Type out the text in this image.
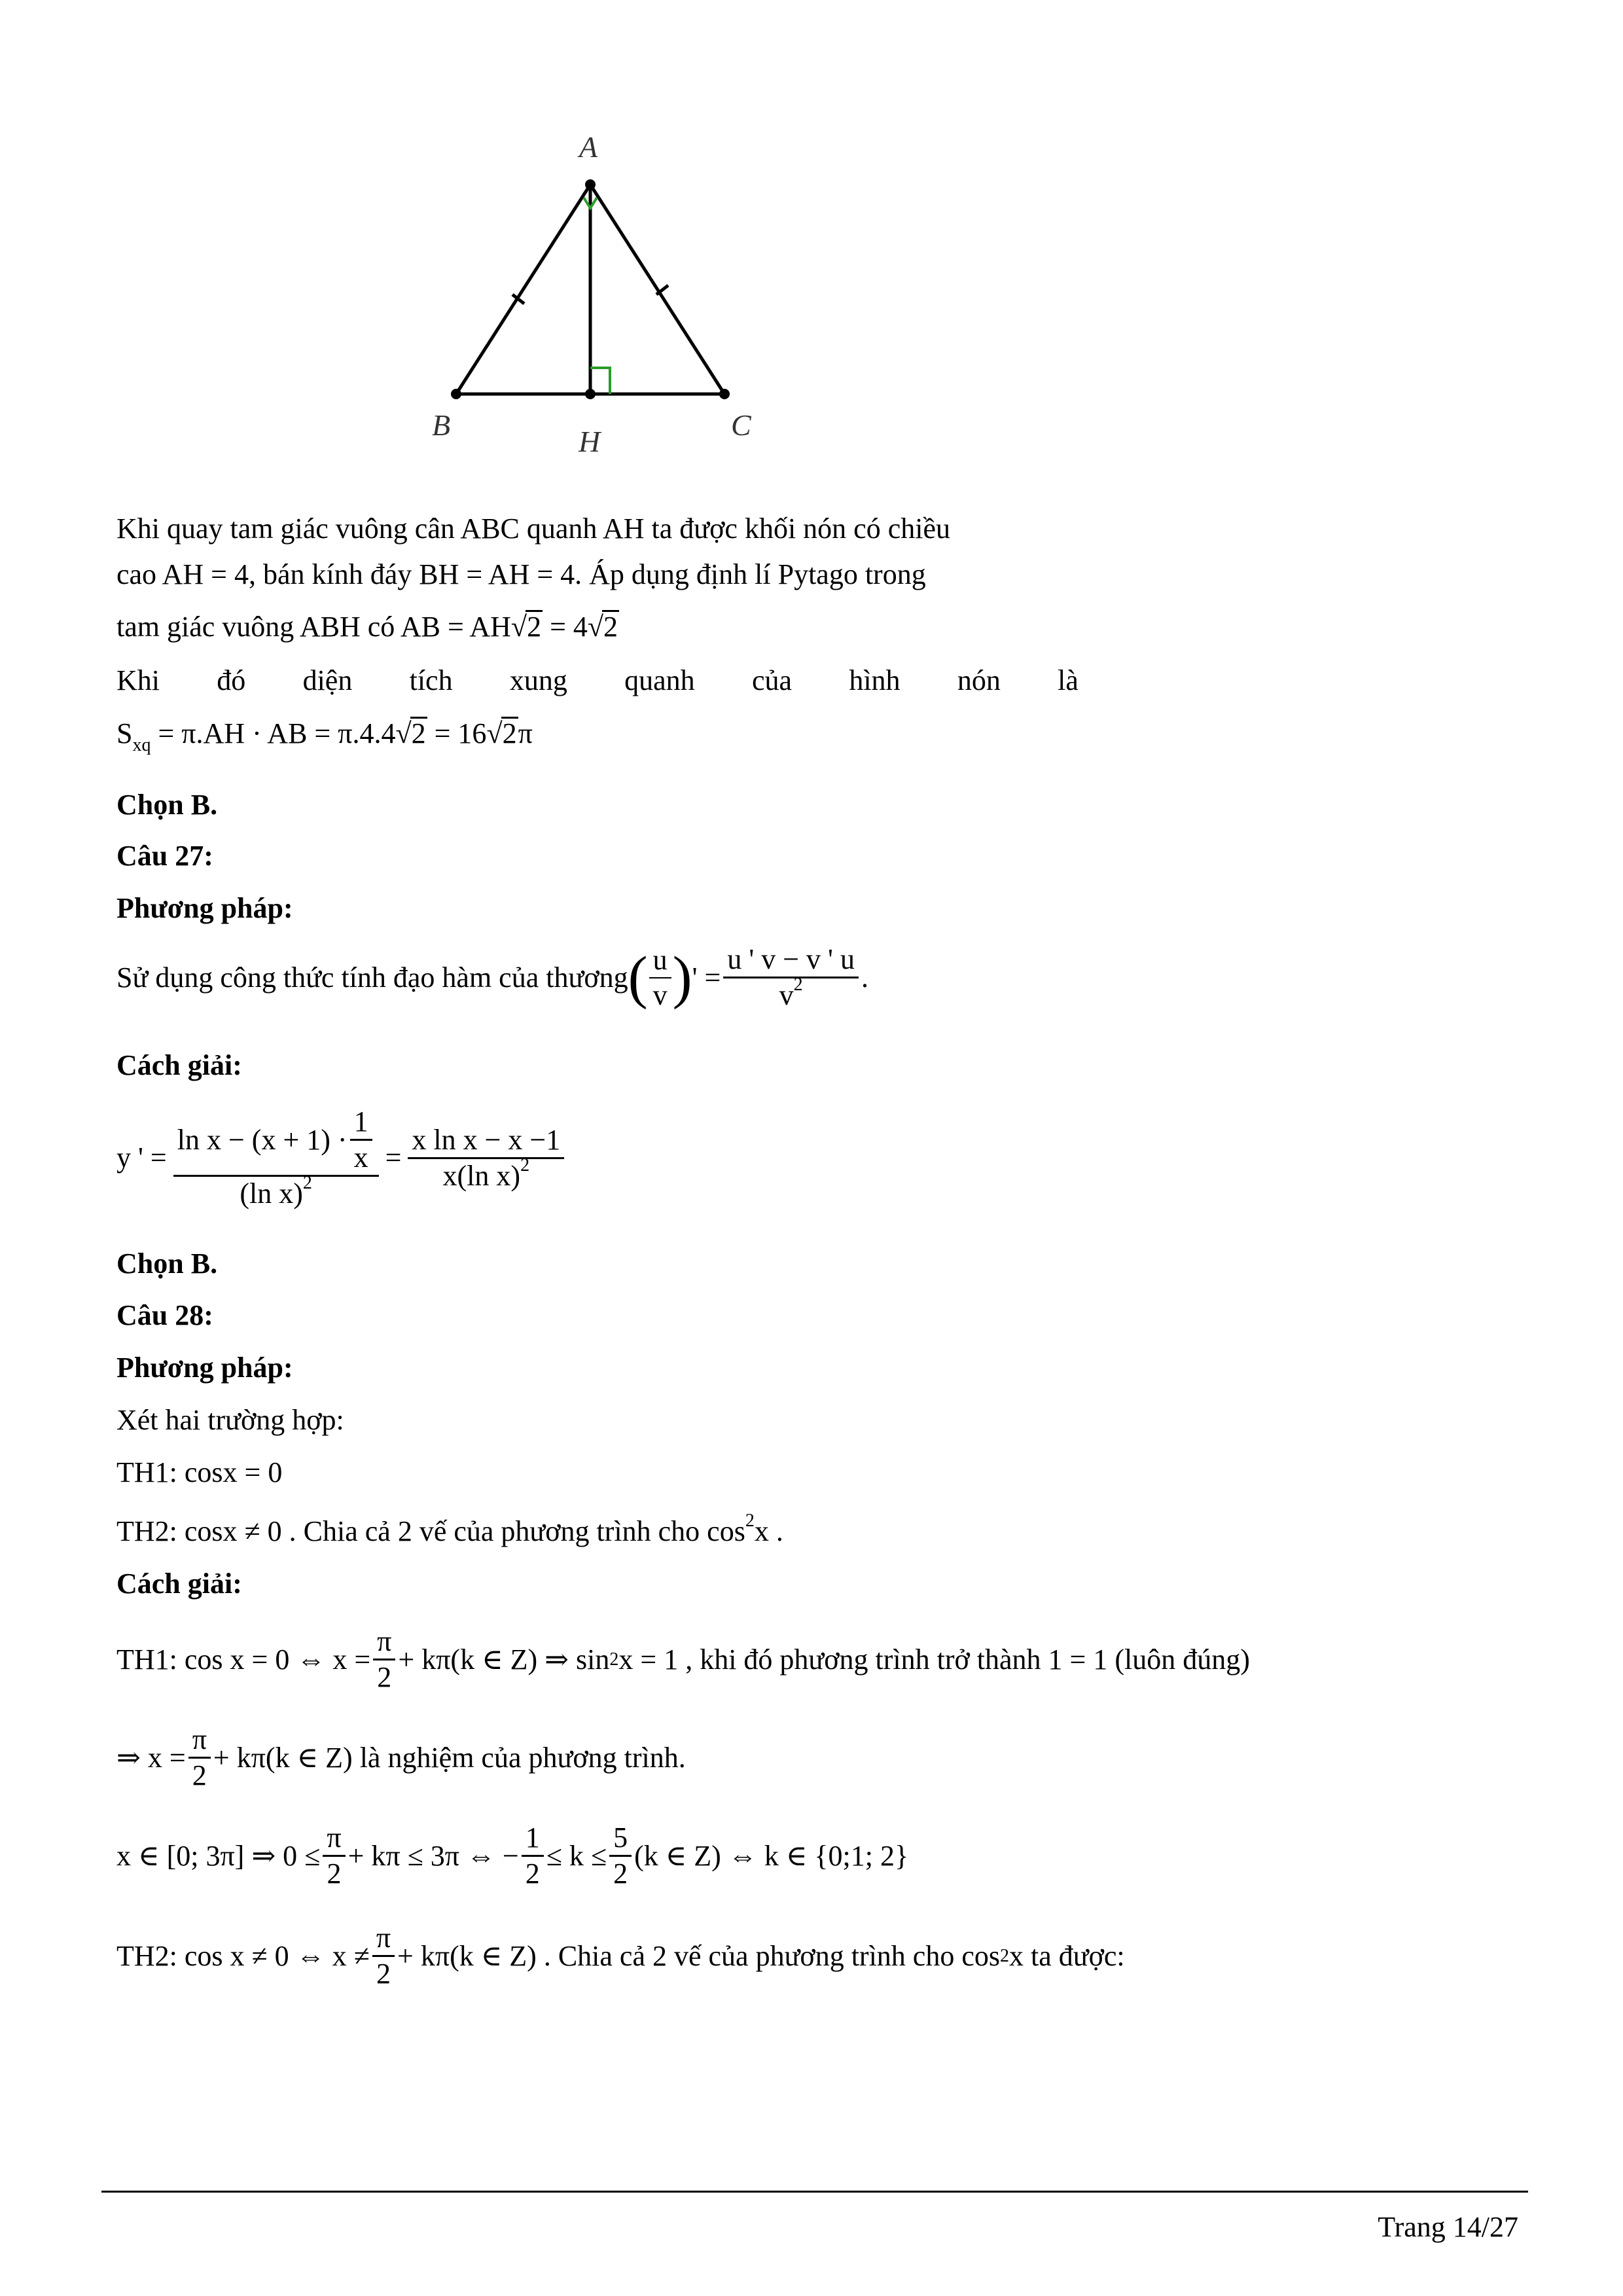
A
B	H	C
Khi quay tam giác vuông cân ABC quanh AH ta được khối nón có chiều
cao AH = 4, bán kính đáy BH = AH = 4. Áp dụng định lí Pytago trong
tam giác vuông ABH có AB = AH√2 = 4√2
Khi đó diện tích xung quanh của hình nón là
$S_{xq} = \pi.AH$ · AB = π.4.4√2 = 16√2π
Chọn B.
Câu 27:
Phương pháp:
Sử dụng công thức tính đạo hàm của thương ( $\frac{u}{v}$ ) ' = $\frac{u ' v - v ' u}{v^2}$ .
Cách giải:
y ' = $\frac{\ln x - (x + 1) \cdot \frac{1}{x}}{(\ln x)^2} = \frac{\text{x ln x − x −1}}{x(\ln x)^2}$
Chọn B.
Câu 28:
Phương pháp:
Xét hai trường hợp:
TH1: cosx = 0
TH2: cosx ≠ 0 . Chia cả 2 vế của phương trình cho $\cos^2x$ .
Cách giải:
TH1: cos x = 0 ⇔ $x = \frac{\pi}{2} + k\pi(k$ ∈ Z) ⇒ sin 2 x = 1 , khi đó phương trình trở thành 1 = 1 (luôn đúng)
⇒ $x = \frac{\pi}{2} + k\pi(k$ ∈ Z) là nghiệm của phương trình.
x ∈ [0; 3π] ⇒ $0 \le \frac{\pi}{2} + k\pi \le 3\pi$ ⇔ − $\frac{1}{2} \le k \le \frac{5}{2} (k$ ∈ Z) ⇔ k ∈ {0;1; 2}
TH2: cos x ≠ 0 ⇔ $x \ne \frac{\pi}{2} + k\pi(k$ ∈ Z) . Chia cả 2 vế của phương trình cho cos 2 x ta được:
Trang 14/27
